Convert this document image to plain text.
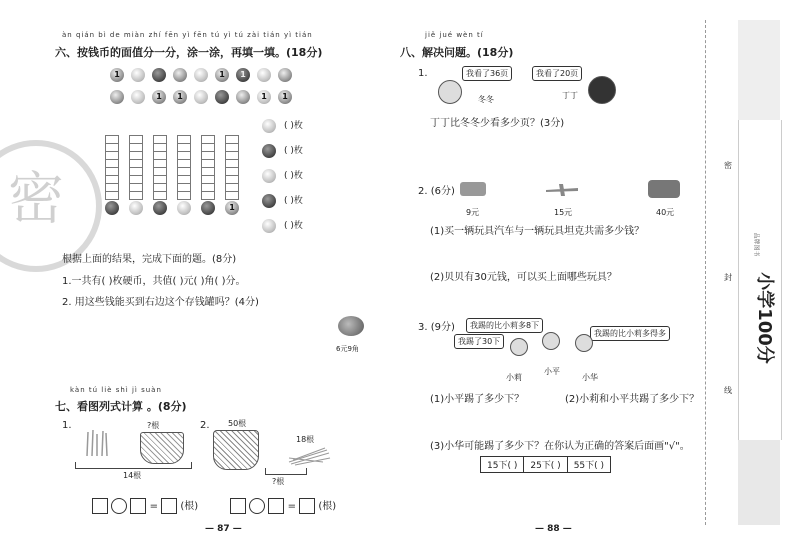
密
àn qián bì de miàn zhí fēn yì fēn tú yì tú zài tián yì tián
六、按钱币的面值分一分，涂一涂，再填一填。(18分)
1	1	1
1	1	1	1
1
( )枚
( )枚
( )枚
( )枚
( )枚
根据上面的结果，完成下面的题。(8分)
1.一共有( )枚硬币，共值( )元( )角( )分。
2. 用这些钱能买到右边这个存钱罐吗？(4分)
6元9角
kàn tú liè shì jì suàn
七、看图列式计算 。(8分)
1.	?根
14根
2. 50根
18根
?根
= (根)	= (根)
— 87 —
jiě jué wèn tí
八、解决问题。(18分)
1.	我看了36页	我看了20页
冬冬	丁丁
丁丁比冬冬少看多少页？(3分)
2. (6分)
9元	15元	40元
(1)买一辆玩具汽车与一辆玩具坦克共需多少钱？
(2)贝贝有30元钱，可以买上面哪些玩具？
3. (9分)	我踢的比小莉多8下
我踢了30下
我踢的比小莉多得多
小莉
小平
小华
(1)小平踢了多少下？	(2)小莉和小平共踢了多少下？
(3)小华可能踢了多少下？在你认为正确的答案后面画"√"。
15下( )	25下( )	55下( )
— 88 —
品牌图书
小学100分
密
封
线
